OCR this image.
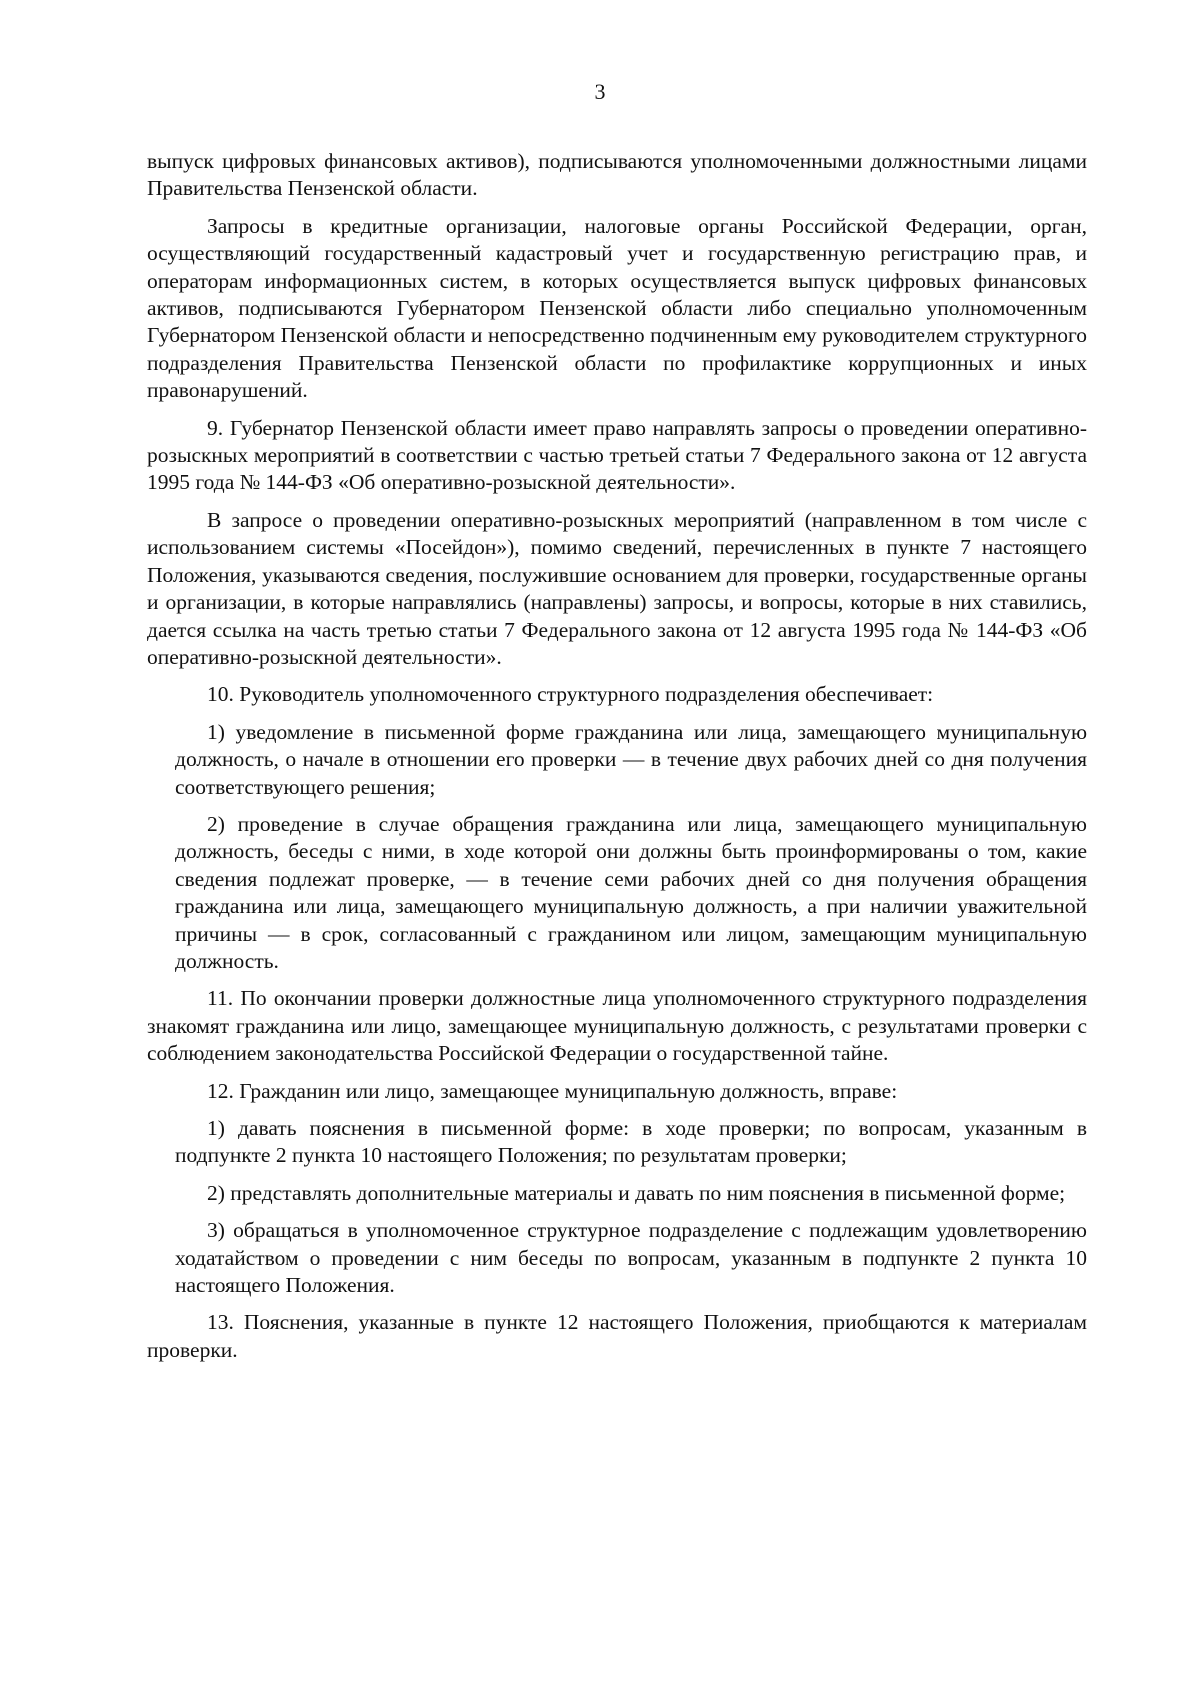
3

выпуск цифровых финансовых активов), подписываются уполномоченными должностными лицами Правительства Пензенской области.

Запросы в кредитные организации, налоговые органы Российской Федерации, орган, осуществляющий государственный кадастровый учет и государственную регистрацию прав, и операторам информационных систем, в которых осуществляется выпуск цифровых финансовых активов, подписываются Губернатором Пензенской области либо специально уполномоченным Губернатором Пензенской области и непосредственно подчиненным ему руководителем структурного подразделения Правительства Пензенской области по профилактике коррупционных и иных правонарушений.

9. Губернатор Пензенской области имеет право направлять запросы о проведении оперативно-розыскных мероприятий в соответствии с частью третьей статьи 7 Федерального закона от 12 августа 1995 года № 144-ФЗ «Об оперативно-розыскной деятельности».

В запросе о проведении оперативно-розыскных мероприятий (направленном в том числе с использованием системы «Посейдон»), помимо сведений, перечисленных в пункте 7 настоящего Положения, указываются сведения, послужившие основанием для проверки, государственные органы и организации, в которые направлялись (направлены) запросы, и вопросы, которые в них ставились, дается ссылка на часть третью статьи 7 Федерального закона от 12 августа 1995 года № 144-ФЗ «Об оперативно-розыскной деятельности».

10. Руководитель уполномоченного структурного подразделения обеспечивает:

1) уведомление в письменной форме гражданина или лица, замещающего муниципальную должность, о начале в отношении его проверки — в течение двух рабочих дней со дня получения соответствующего решения;

2) проведение в случае обращения гражданина или лица, замещающего муниципальную должность, беседы с ними, в ходе которой они должны быть проинформированы о том, какие сведения подлежат проверке, — в течение семи рабочих дней со дня получения обращения гражданина или лица, замещающего муниципальную должность, а при наличии уважительной причины — в срок, согласованный с гражданином или лицом, замещающим муниципальную должность.

11. По окончании проверки должностные лица уполномоченного структурного подразделения знакомят гражданина или лицо, замещающее муниципальную должность, с результатами проверки с соблюдением законодательства Российской Федерации о государственной тайне.

12. Гражданин или лицо, замещающее муниципальную должность, вправе:

1) давать пояснения в письменной форме: в ходе проверки; по вопросам, указанным в подпункте 2 пункта 10 настоящего Положения; по результатам проверки;

2) представлять дополнительные материалы и давать по ним пояснения в письменной форме;

3) обращаться в уполномоченное структурное подразделение с подлежащим удовлетворению ходатайством о проведении с ним беседы по вопросам, указанным в подпункте 2 пункта 10 настоящего Положения.

13. Пояснения, указанные в пункте 12 настоящего Положения, приобщаются к материалам проверки.
